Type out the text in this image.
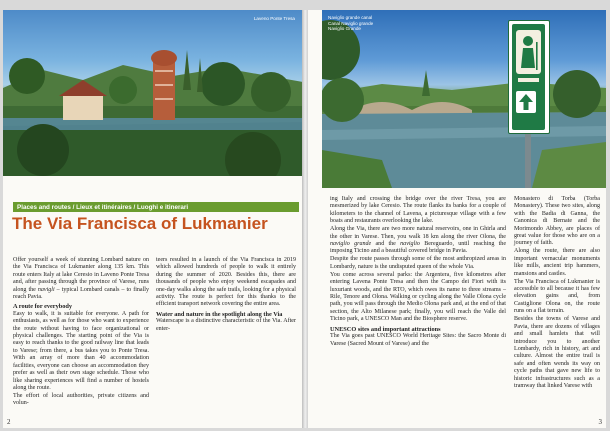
Laveno Ponte Tresa
Places and routes / Lieux et itinéraires / Luoghi e itinerari
The Via Francisca of Lukmanier

Offer yourself a week of stunning Lombard nature on the Via Francisca of Lukmanier along 135 km. This route enters Italy at lake Ceresio in Laveno Ponte Tresa and, after passing through the province of Varese, runs along the navigli – typical Lombard canals – to finally reach Pavia.

A route for everybody

Easy to walk, it is suitable for everyone. A path for enthusiasts, as well as for those who want to experience the route without having to face organizational or physical challenges. The starting point of the Via is easy to reach thanks to the good railway line that leads to Varese; from there, a bus takes you to Ponte Tresa. With an array of more than 40 accommodation facilities, everyone can choose an accommodation they prefer as well as their own stage schedule. Those who like sharing experiences will find a number of hostels along the route.

The effort of local authorities, private citizens and volun-

teers resulted in a launch of the Via Francisca in 2019 which allowed hundreds of people to walk it entirely during the summer of 2020. Besides this, there are thousands of people who enjoy weekend escapades and one-day walks along the safe trails, looking for a physical activity. The route is perfect for this thanks to the efficient transport network covering the entire area.

Water and nature in the spotlight along the Via

Waterscape is a distinctive characteristic of the Via. After enter-

2
Naviglio grande canal
Canal Naviglio grande
Naviglio Grande

ing Italy and crossing the bridge over the river Tresa, you are mesmerized by lake Ceresio. The route flanks its banks for a couple of kilometers to the channel of Lavena, a picturesque village with a few boats and restaurants overlooking the lake.

Along the Via, there are two more natural reservoirs, one in Ghirla and the other in Varese. Then, you walk 18 km along the river Olona, the naviglio grande and the naviglio Bereguardo, until reaching the imposing Ticino and a beautiful covered bridge in Pavia.

Despite the route passes through some of the most anthropized areas in Lombardy, nature is the undisputed queen of the whole Via.

You come across several parks: the Argentera, five kilometres after entering Lavena Ponte Tresa and then the Campo dei Fiori with its luxuriant woods, and the RTO, which owes its name to three streams – Rile, Tenore and Olona. Walking or cycling along the Valle Olona cycle path, you will pass through the Medio Olona park and, at the end of that section, the Alto Milanese park; finally, you will reach the Valle del Ticino park, a UNESCO Man and the Biosphere reserve.

UNESCO sites and important attractions

The Via goes past UNESCO World Heritage Sites: the Sacro Monte di Varese (Sacred Mount of Varese) and the

Monastero di Torba (Torba Monastery). These two sites, along with the Badia di Ganna, the Canonica di Bernate and the Morimondo Abbey, are places of great value for those who are on a journey of faith.

Along the route, there are also important vernacular monuments like mills, ancient trip hammers, mansions and castles.

The Via Francisca of Lukmanier is accessible to all because it has few elevation gains and, from Castiglione Olona on, the route runs on a flat terrain.

Besides the towns of Varese and Pavia, there are dozens of villages and small hamlets that will introduce you to another Lombardy, rich in history, art and culture. Almost the entire trail is safe and often wends its way on cycle paths that gave new life to historic infrastructures such as a tramway that linked Varese with

3
